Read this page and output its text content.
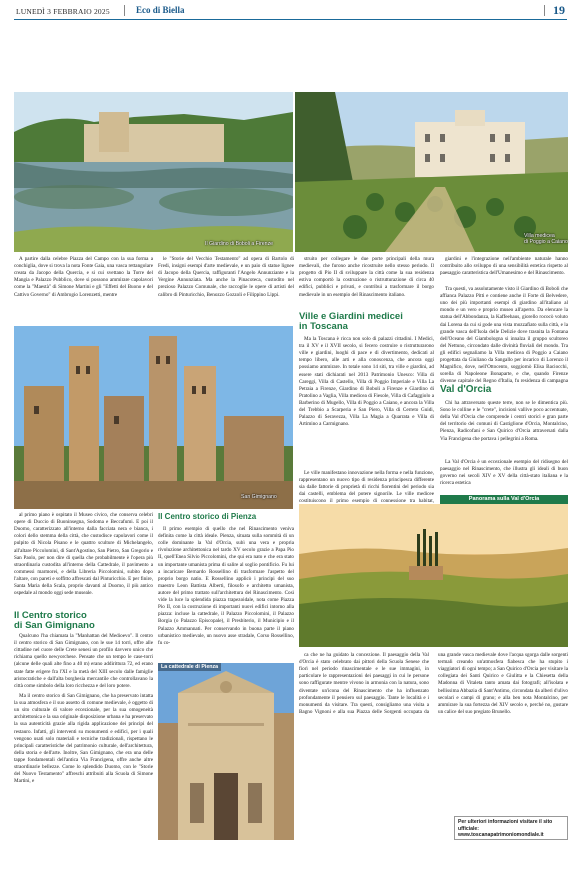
LUNEDÌ 3 FEBBRAIO 2025	Eco di Biella	19
Il Giardino di Boboli a Firenze
Villa medicea
di Poggio a Caiano

A partire dalla celebre Piazza del Campo con la sua forma a conchiglia, dove si trova la nota Fonte Gaia, una vasca rettangolare creata da Jacopo della Quercia, e si cui svettano la Torre del Mangia e Palazzo Pubblico, dove si possono ammirare capolavori come la "Maestà" di Simone Martini e gli "Effetti del Buono e del Cattivo Governo" di Ambrogio Lorenzetti, mentre

le "Storie del Vecchio Testamento" ad opera di Bartolo di Fredi, insigni esempi d'arte medievale, e un paio di statue lignee di Jacopo della Quercia, raffiguranti l'Angelo Annunziante e la Vergine Annunziata. Ma anche la Pinacoteca, custodito nel prezioso Palazzo Comunale, che raccoglie le opere di artisti del calibro di Pinturicchio, Benozzo Gozzoli e Filippino Lippi.

San Gimignano

struito per collegare le due porte principali della mura medievali, che furono anche ricostruite nello stesso periodo. Il progetto di Pio II di sviluppare la città come la sua residenza estiva comportò la costruzione o ristrutturazione di circa 40 edifici, pubblici e privati, e contribuì a trasformare il borgo medievale in un esempio del Rinascimento italiano.

Ville e Giardini medicei
in Toscana

Ma la Toscana è ricca non solo di palazzi cittadini. I Medici, tra il XV e il XVII secolo, si fecero costruire o ristrutturarono ville e giardini, luoghi di pace e di divertimento, dedicati al tempo libero, alle arti e alla conoscenza, che ancora oggi possiamo ammirare. In totale sono 14 siti, tra ville e giardini, ad essere stati dichiarati nel 2013 Patrimonio Unesco: Villa di Careggi, Villa di Castello, Villa di Poggio Imperiale e Villa La Petraia a Firenze, Giardino di Boboli a Firenze e Giardino di Pratolino a Vaglia, Villa medicea di Fiesole, Villa di Cafaggiolo a Barberino di Mugello, Villa di Poggio a Caiano, e ancora la Villa del Trebbio a Scarperia e San Piero, Villa di Cerreto Guidi, Palazzo di Seravezza, Villa La Magia a Quarrata e Villa di Artimino a Carmignano.

Le ville manifestano innovazione nella forma e nella funzione, rappresentano un nuovo tipo di residenza principesca differente sia dalle fattorie di proprietà di ricchi fiorentini del periodo sia dai castelli, emblema del potere signorile. Le ville medicee costituiscono il primo esempio di connessione tra habitat,

giardini e l'integrazione nell'ambiente naturale hanno contribuito allo sviluppo di una sensibilità estetica rispetto al paesaggio caratteristica dell'Umanesimo e del Rinascimento.

Tra questi, va assolutamente visto il Giardino di Boboli che affianca Palazzo Pitti e contiene anche il Forte di Belvedere, uno dei più importanti esempi di giardino all'italiano al mondo e un vero e proprio museo all'aperto. Da elencare la statua dell'Abbondanza, la Kaffeehaus, giorello rococò voluto dai Lorena da cui si gode una vista mozzafiato sulla città, e la grande vasca dell'Isola delle Delizie dove trasnita la Fontana dell'Oceano del Giambologna si innalza il gruppo scultoreo del Nettuno, circondato dalle divinità fluviali del mondo. Tra gli edifici segnaliamo la Villa medicea di Poggio a Caiano progettata da Giuliano da Sangallo per incarico di Lorenzo il Magnifico, dove, nell'Ottocento, soggiornò Elisa Baciocchi, sorella di Napoleone Bonaparte, e che, quando Firenze divenne capitale del Regno d'Italia, fu residenza di campagna

Val d'Orcia

Chi ha attraversato queste terre, non se le dimentica più. Sono le colline e le "crete", incisioni vallive poco accentuate, della Val d'Orcia che comprende i centri storici e gran parte del territorio dei comuni di Castiglione d'Orcia, Montalcino, Pienza, Radicofani e San Quirico d'Orcia attraversati dalla Via Francigena che portava i pellegrini a Roma.

La Val d'Orcia è un eccezionale esempio del ridisegno del paesaggio nel Rinascimento, che illustra gli ideali di buon governo nei secoli XIV e XV della città-stato italiana e la ricerca estetica

al primo piano è ospitato il Museo civico, che conserva celebri opere di Duccio di Buoninsegna, Sodoma e Beccafumi. E poi il Duomo, caratterizzato all'interno dalla facciata nera e bianca, i colori dello stemma della città, che custodisce capolavori come il pulpito di Nicola Pisano e le quattro sculture di Michelangelo, all'altare Piccolomini, di Sant'Agostino, San Pietro, San Gregorio e San Paolo, per non dire di quella che probabilmente è l'opera più straordinaria custodita all'interno della Cattedrale, il pavimento a commessi marmorei, e della Libreria Piccolomini, subito dopo l'altare, con pareti e soffitto affrescati dal Pinturicchio. E per finire, Santa Maria della Scala, proprio davanti al Duomo, il più antico ospedale al mondo oggi sede museale.

Il Centro storico
di San Gimignano

Qualcuno l'ha chiamata la "Manhattan del Medioevo". Il centro il centro storico di San Gimignano, con le sue 14 torri, offre alle cittadine nel cuore delle Crete senesi un profilo davvero unico che richiama quello newyorchese. Pensate che un tempo le case-torri (alcune delle quali alte fino a 40 m) erano addirittura 72, ed erano state fatte erigere fra l'XI e la metà del XIII secolo dalle famiglie aristocratiche e dall'alta borghesia mercantile che controllavano la città come simbolo della loro ricchezza e del loro potere.

Ma il centro storico di San Gimignano, che ha preservato intatta la sua atmosfera e il suo assetto di comune medievale, è oggetto di un sito culturale di valore eccezionale, per la sua omogeneità architettonica e la sua originale disposizione urbana e ha preservato la sua autenticità grazie alla rigida applicazione dei principi del restauro. Infatti, gli interventi su monumenti e edifici, per i quali vengono usati solo materiali e tecniche tradizionali, rispettano le principali caratteristiche del patrimonio culturale, dell'architettura, della storia e dell'arte. Inoltre, San Gimignano, che era una delle tappe fondamentali dell'antica Via Francigena, offre anche altre straordinarie bellezze. Come lo splendido Duomo, con le "Storie del Nuovo Testamento" affreschi attribuiti alla Scuola di Simone Martini, e

Il Centro storico di Pienza

Il primo esempio di quello che nel Rinascimento veniva definita come la città ideale. Pienza, situata sulla sommità di un colle dominante la Val d'Orcia, subì una vera e propria rivoluzione architettonica nel tardo XV secolo grazie a Papa Pio II, quell'Enea Silvio Piccolomini, che qui era nato e che era stato un importante umanista prima di salire al soglio pontificio. Fu lui a incaricare Bernardo Rossellino di trasformare l'aspetto del proprio borgo natio. E Rossellino applicò i principi del suo maestro Leon Battista Alberti, filosofo e architetto umanista, autore del primo trattato sull'architettura del Rinascimento. Così vide la luce la splendida piazza trapezoidale, nota come Piazza Pio II, con la costruzione di importanti nuovi edifici intorno alla piazza: incluse la cattedrale, il Palazzo Piccolomini, il Palazzo Borgia (o Palazzo Episcopale), il Presbiterio, il Municipio e il Palazzo Ammannati. Per conservando in buona parte il piano urbanistico medievale, un nuovo asse stradale, Corso Rossellino, fu co-

Panorama sulla Val d'Orcia
La cattedrale di Pienza

ca che ne ha guidato la concezione. Il paesaggio della Val d'Orcia è stato celebrato dai pittori della Scuola Senese che fiorì nel periodo rinascimentale e le sue immagini, in particolare le rappresentazioni dei paesaggi in cui le persone sono raffigurate mentre vivono in armonia con la natura, sono diventate un'icona del Rinascimento che ha influenzato profondamente il pensiero sul paesaggio. Tante le località e i monumenti da visitare. Tra questi, consigliamo una visita a Bagno Vignoni e alla sua Piazza delle Sorgenti occupata da una grande vasca medievale dove l'acqua sgorga dalle sorgenti termali creando un'atmosfera fiabesca che ha stupito i viaggiatori di ogni tempo; a San Quirico d'Orcia per visitare la collegiata dei Santi Quirico e Giulitta e la Chiesetta della Madonna di Vitaleta tanto amata dai fotografi; all'isolata e bellissima Abbazia di Sant'Antimo, circondata da alberi d'ulivo secolari e campi di grano; e alla ben nota Montalcino, per ammirare la sua fortezza del XIV secolo e, perché no, gustare un calice del suo pregiato Brunello.

Per ulteriori informazioni visitare il sito ufficiale: www.toscanapatrimoniomondiale.it
